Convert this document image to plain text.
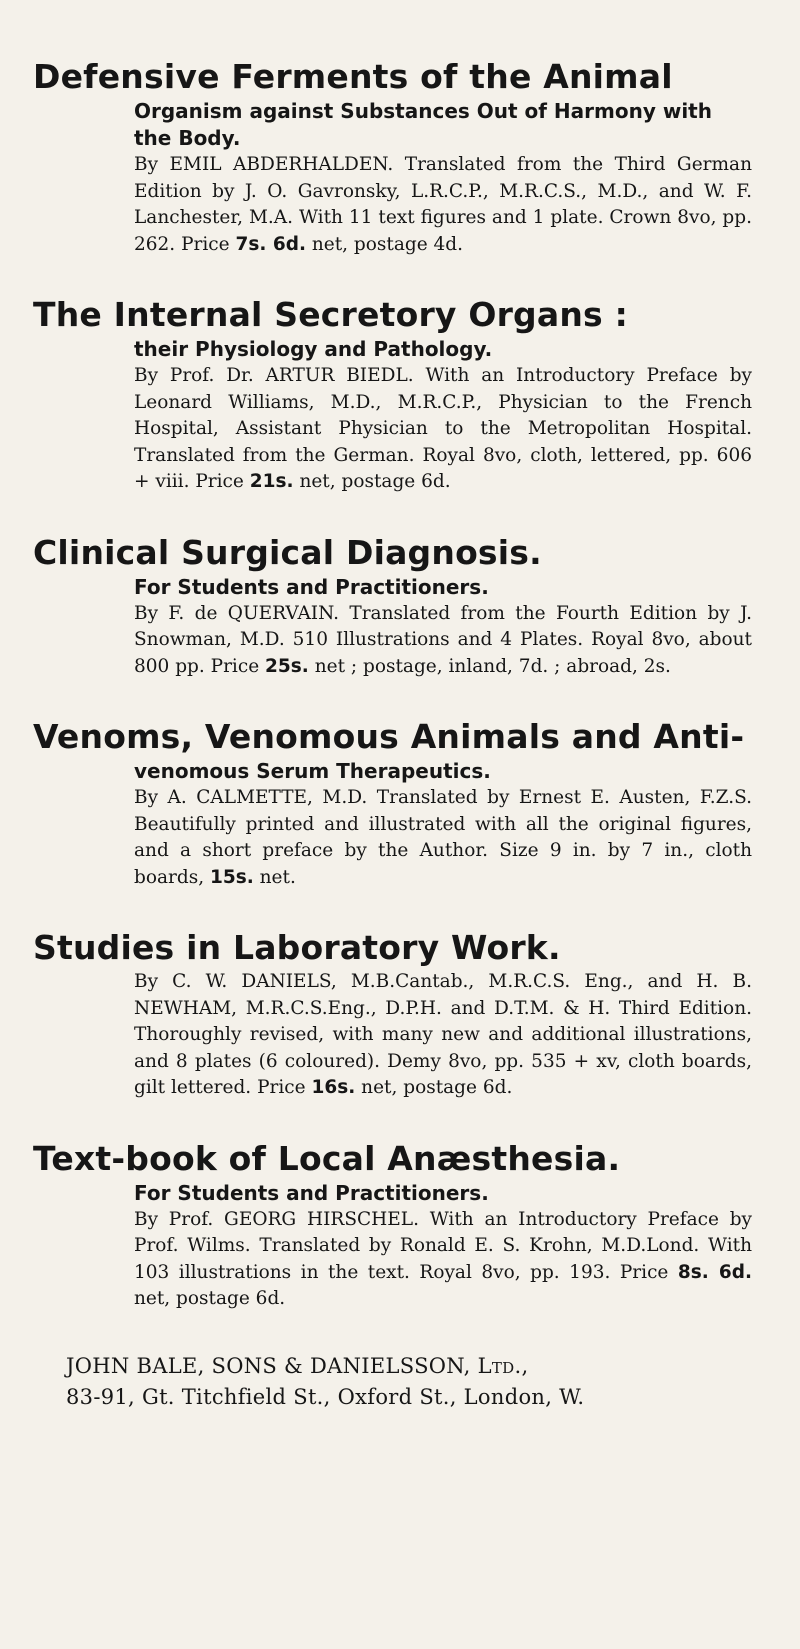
Defensive Ferments of the Animal

Organism against Substances Out of Harmony with the Body.

By EMIL ABDERHALDEN. Translated from the Third German Edition by J. O. Gavronsky, L.R.C.P., M.R.C.S., M.D., and W. F. Lanchester, M.A. With 11 text figures and 1 plate. Crown 8vo, pp. 262. Price 7s. 6d. net, postage 4d.

The Internal Secretory Organs :

their Physiology and Pathology.

By Prof. Dr. ARTUR BIEDL. With an Introductory Preface by Leonard Williams, M.D., M.R.C.P., Physician to the French Hospital, Assistant Physician to the Metropolitan Hospital. Translated from the German. Royal 8vo, cloth, lettered, pp. 606 + viii. Price 21s. net, postage 6d.

Clinical Surgical Diagnosis.

For Students and Practitioners.

By F. de QUERVAIN. Translated from the Fourth Edition by J. Snowman, M.D. 510 Illustrations and 4 Plates. Royal 8vo, about 800 pp. Price 25s. net ; postage, inland, 7d. ; abroad, 2s.

Venoms, Venomous Animals and Anti-

venomous Serum Therapeutics.

By A. CALMETTE, M.D. Translated by Ernest E. Austen, F.Z.S. Beautifully printed and illustrated with all the original figures, and a short preface by the Author. Size 9 in. by 7 in., cloth boards, 15s. net.

Studies in Laboratory Work.

By C. W. DANIELS, M.B.Cantab., M.R.C.S. Eng., and H. B. NEWHAM, M.R.C.S.Eng., D.P.H. and D.T.M. & H. Third Edition. Thoroughly revised, with many new and additional illustrations, and 8 plates (6 coloured). Demy 8vo, pp. 535 + xv, cloth boards, gilt lettered. Price 16s. net, postage 6d.

Text-book of Local Anæsthesia.

For Students and Practitioners.

By Prof. GEORG HIRSCHEL. With an Introductory Preface by Prof. Wilms. Translated by Ronald E. S. Krohn, M.D.Lond. With 103 illustrations in the text. Royal 8vo, pp. 193. Price 8s. 6d. net, postage 6d.

JOHN BALE, SONS & DANIELSSON, Ltd.,
83-91, Gt. Titchfield St., Oxford St., London, W.
